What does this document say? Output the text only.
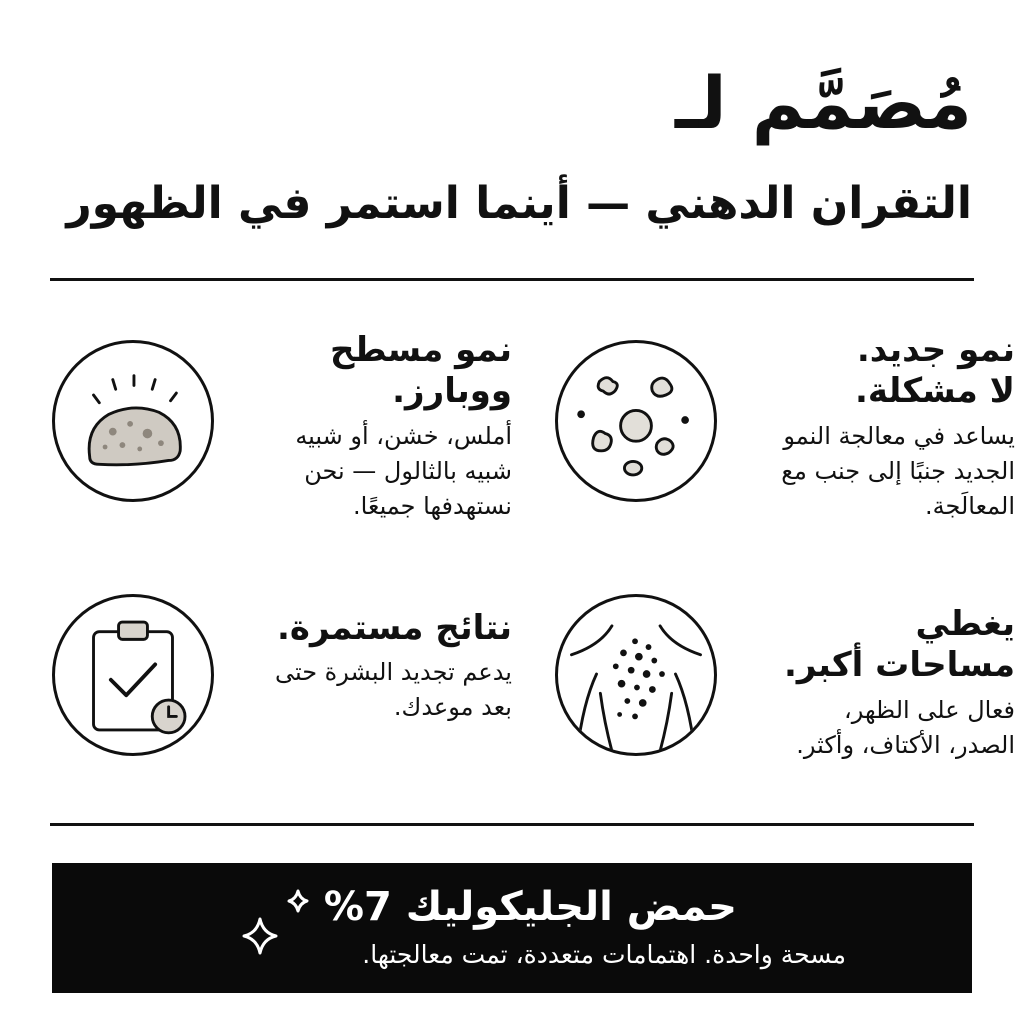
مُصَمَّم لـ
التقران الدهني — أينما استمر في الظهور

نمو جديد.
لا مشكلة.

يساعد في معالجة النمو الجديد جنبًا إلى جنب مع المعالَجة.

نمو مسطح
ووبارز.

أملس، خشن، أو شبيه شبيه بالثالول — نحن نستهدفها جميعًا.

يغطي
مساحات أكبر.

فعال على الظهر، الصدر، الأكتاف، وأكثر.

نتائج مستمرة.

يدعم تجديد البشرة حتى بعد موعدك.

حمض الجليكوليك 7%

مسحة واحدة. اهتمامات متعددة، تمت معالجتها.
